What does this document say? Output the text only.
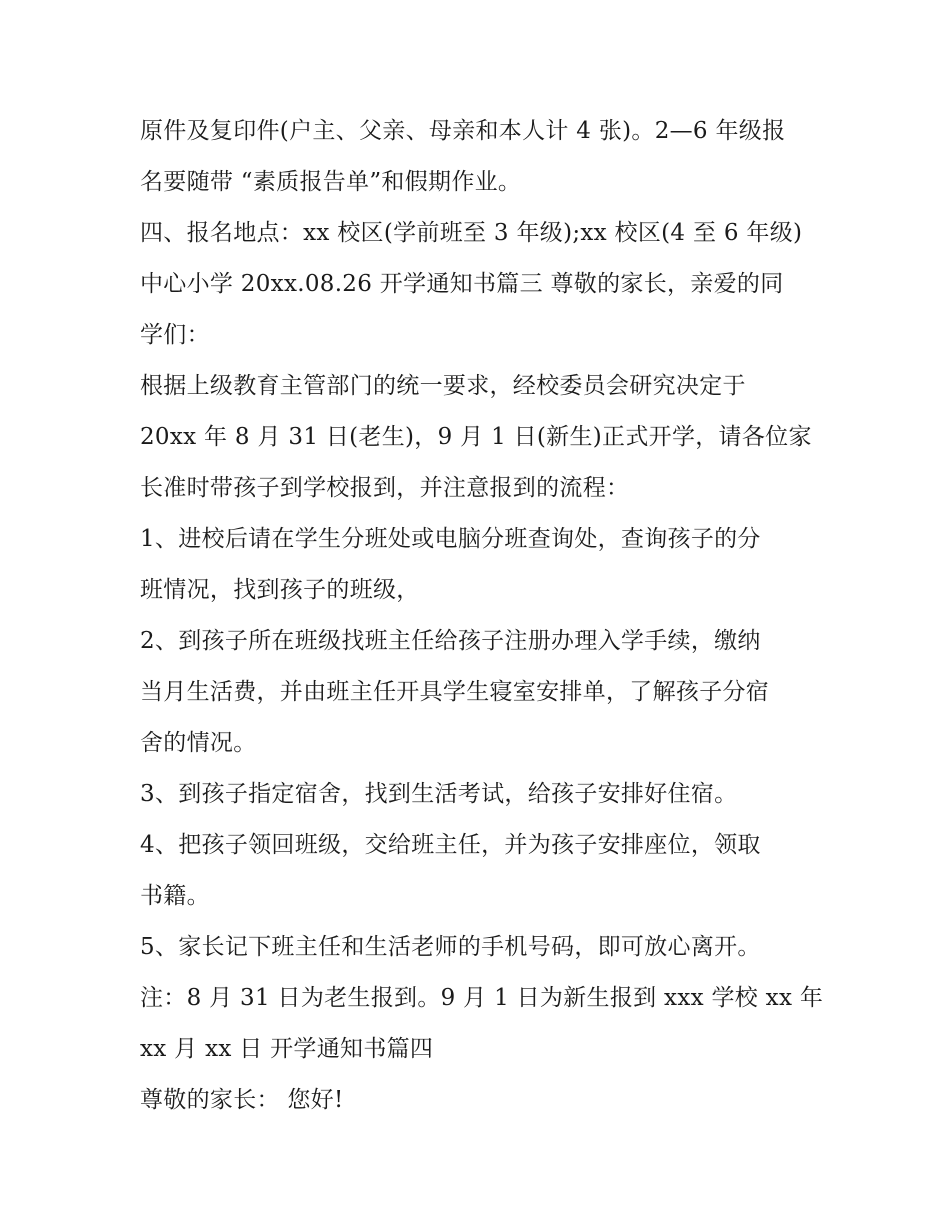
原件及复印件(户主、父亲、母亲和本人计 4 张)。2—6 年级报
名要随带 “素质报告单”和假期作业。
四、报名地点：xx 校区(学前班至 3 年级);xx 校区(4 至 6 年级)
中心小学 20xx.08.26 开学通知书篇三 尊敬的家长，亲爱的同
学们：
根据上级教育主管部门的统一要求，经校委员会研究决定于
20xx 年 8 月 31 日(老生)，9 月 1 日(新生)正式开学，请各位家
长准时带孩子到学校报到，并注意报到的流程：
1、进校后请在学生分班处或电脑分班查询处，查询孩子的分
班情况，找到孩子的班级，
2、到孩子所在班级找班主任给孩子注册办理入学手续，缴纳
当月生活费，并由班主任开具学生寝室安排单，了解孩子分宿
舍的情况。
3、到孩子指定宿舍，找到生活考试，给孩子安排好住宿。
4、把孩子领回班级，交给班主任，并为孩子安排座位，领取
书籍。
5、家长记下班主任和生活老师的手机号码，即可放心离开。
注：8 月 31 日为老生报到。9 月 1 日为新生报到 xxx 学校 xx 年
xx 月 xx 日 开学通知书篇四
尊敬的家长： 您好!
